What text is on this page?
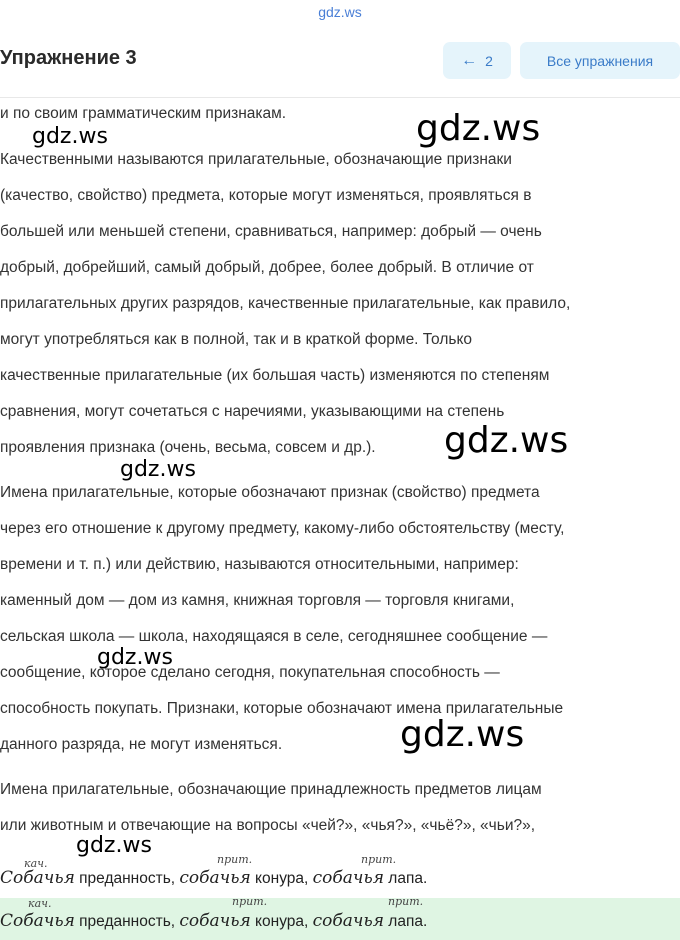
gdz.ws
Упражнение 3	← 2	Все упражнения
и по своим грамматическим признакам.
Качественными называются прилагательные, обозначающие признаки
(качество, свойство) предмета, которые могут изменяться, проявляться в
большей или меньшей степени, сравниваться, например: добрый — очень
добрый, добрейший, самый добрый, добрее, более добрый. В отличие от
прилагательных других разрядов, качественные прилагательные, как правило,
могут употребляться как в полной, так и в краткой форме. Только
качественные прилагательные (их большая часть) изменяются по степеням
сравнения, могут сочетаться с наречиями, указывающими на степень
проявления признака (очень, весьма, совсем и др.).
Имена прилагательные, которые обозначают признак (свойство) предмета
через его отношение к другому предмету, какому-либо обстоятельству (месту,
времени и т. п.) или действию, называются относительными, например:
каменный дом — дом из камня, книжная торговля — торговля книгами,
сельская школа — школа, находящаяся в селе, сегодняшнее сообщение —
сообщение, которое сделано сегодня, покупательная способность —
способность покупать. Признаки, которые обозначают имена прилагательные
данного разряда, не могут изменяться.
Имена прилагательные, обозначающие принадлежность предметов лицам
или животным и отвечающие на вопросы «чей?», «чья?», «чьё?», «чьи?»,
кач.	прит.	прит.
Собачья преданность, собачья конура, собачья лапа.
кач.	прит.	прит.
Собачья преданность, собачья конура, собачья лапа.
gdz.ws	gdz.ws
gdz.ws
gdz.ws
gdz.ws
gdz.ws
gdz.ws
